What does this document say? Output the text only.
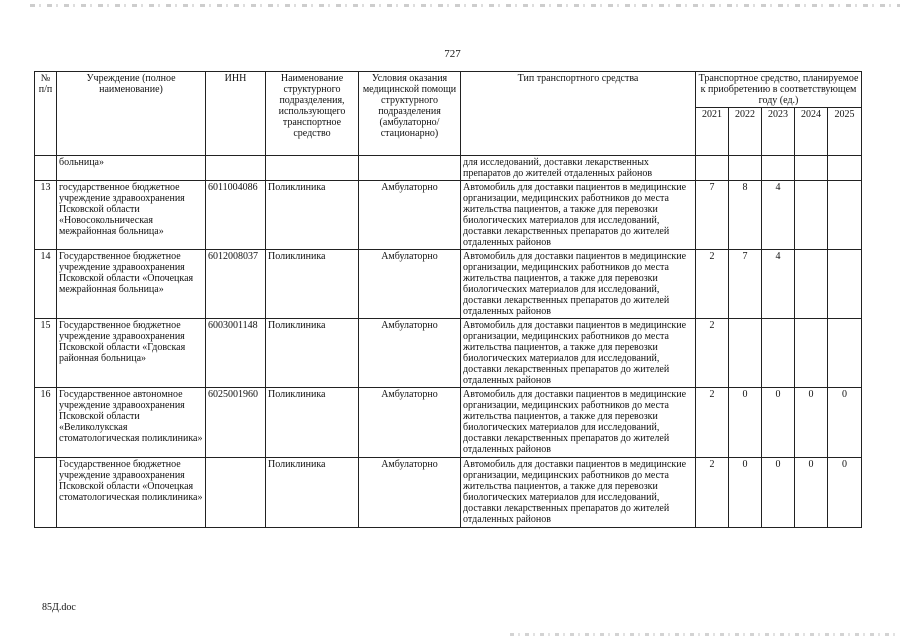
727
№ п/п	Учреждение (полное наименование)	ИНН	Наименование структурного подразделения, использующего транспортное средство	Условия оказания медицинской помощи структурного подразделения (амбулаторно/ стационарно)	Тип транспортного средства	Транспортное средство, планируемое к приобретению в соответствующем году (ед.)				
						2021	2022	2023	2024	2025
	больница»				для исследований, доставки лекарственных препаратов до жителей отдаленных районов					
13	государственное бюджетное учреждение здравоохранения Псковской области «Новосокольническая межрайонная больница»	6011004086	Поликлиника	Амбулаторно	Автомобиль для доставки пациентов в медицинские организации, медицинских работников до места жительства пациентов, а также для перевозки биологических материалов для исследований, доставки лекарственных препаратов до жителей отдаленных районов	7	8	4		
14	Государственное бюджетное учреждение здравоохранения Псковской области «Опочецкая межрайонная больница»	6012008037	Поликлиника	Амбулаторно	Автомобиль для доставки пациентов в медицинские организации, медицинских работников до места жительства пациентов, а также для перевозки биологических материалов для исследований, доставки лекарственных препаратов до жителей отдаленных районов	2	7	4		
15	Государственное бюджетное учреждение здравоохранения Псковской области «Гдовская районная больница»	6003001148	Поликлиника	Амбулаторно	Автомобиль для доставки пациентов в медицинские организации, медицинских работников до места жительства пациентов, а также для перевозки биологических материалов для исследований, доставки лекарственных препаратов до жителей отдаленных районов	2				
16	Государственное автономное учреждение здравоохранения Псковской области «Великолукская стоматологическая поликлиника»	6025001960	Поликлиника	Амбулаторно	Автомобиль для доставки пациентов в медицинские организации, медицинских работников до места жительства пациентов, а также для перевозки биологических материалов для исследований, доставки лекарственных препаратов до жителей отдаленных районов	2	0	0	0	0
	Государственное бюджетное учреждение здравоохранения Псковской области «Опочецкая стоматологическая поликлиника»		Поликлиника	Амбулаторно	Автомобиль для доставки пациентов в медицинские организации, медицинских работников до места жительства пациентов, а также для перевозки биологических материалов для исследований, доставки лекарственных препаратов до жителей отдаленных районов	2	0	0	0	0
85Д.doc
